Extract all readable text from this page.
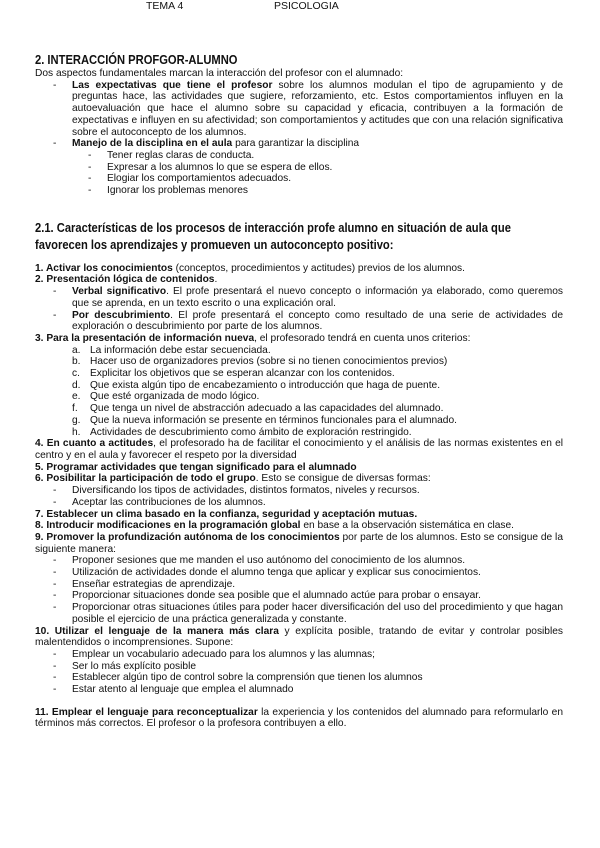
TEMA 4	PSICOLOGIA
2. INTERACCIÓN PROFGOR-ALUMNO

Dos aspectos fundamentales marcan la interacción del profesor con el alumnado:

- Las expectativas que tiene el profesor sobre los alumnos modulan el tipo de agrupamiento y de preguntas hace, las actividades que sugiere, reforzamiento, etc. Estos comportamientos influyen en la autoevaluación que hace el alumno sobre su capacidad y eficacia, contribuyen a la formación de expectativas e influyen en su afectividad; son comportamientos y actitudes que con una relación significativa sobre el autoconcepto de los alumnos.
- Manejo de la disciplina en el aula para garantizar la disciplina
- Tener reglas claras de conducta.
- Expresar a los alumnos lo que se espera de ellos.
- Elogiar los comportamientos adecuados.
- Ignorar los problemas menores
2.1. Características de los procesos de interacción profe alumno en situación de aula que favorecen los aprendizajes y promueven un autoconcepto positivo:

1. Activar los conocimientos (conceptos, procedimientos y actitudes) previos de los alumnos.

2. Presentación lógica de contenidos.

- Verbal significativo. El profe presentará el nuevo concepto o información ya elaborado, como queremos que se aprenda, en un texto escrito o una explicación oral.
- Por descubrimiento. El profe presentará el concepto como resultado de una serie de actividades de exploración o descubrimiento por parte de los alumnos.

3. Para la presentación de información nueva, el profesorado tendrá en cuenta unos criterios:

a. La información debe estar secuenciada.
b. Hacer uso de organizadores previos (sobre si no tienen conocimientos previos)
c. Explicitar los objetivos que se esperan alcanzar con los contenidos.
d. Que exista algún tipo de encabezamiento o introducción que haga de puente.
e. Que esté organizada de modo lógico.
f. Que tenga un nivel de abstracción adecuado a las capacidades del alumnado.
g. Que la nueva información se presente en términos funcionales para el alumnado.
h. Actividades de descubrimiento como ámbito de exploración restringido.

4. En cuanto a actitudes, el profesorado ha de facilitar el conocimiento y el análisis de las normas existentes en el centro y en el aula y favorecer el respeto por la diversidad

5. Programar actividades que tengan significado para el alumnado

6. Posibilitar la participación de todo el grupo. Esto se consigue de diversas formas:

- Diversificando los tipos de actividades, distintos formatos, niveles y recursos.
- Aceptar las contribuciones de los alumnos.

7. Establecer un clima basado en la confianza, seguridad y aceptación mutuas.

8. Introducir modificaciones en la programación global en base a la observación sistemática en clase.

9. Promover la profundización autónoma de los conocimientos por parte de los alumnos. Esto se consigue de la siguiente manera:

- Proponer sesiones que me manden el uso autónomo del conocimiento de los alumnos.
- Utilización de actividades donde el alumno tenga que aplicar y explicar sus conocimientos.
- Enseñar estrategias de aprendizaje.
- Proporcionar situaciones donde sea posible que el alumnado actúe para probar o ensayar.
- Proporcionar otras situaciones útiles para poder hacer diversificación del uso del procedimiento y que hagan posible el ejercicio de una práctica generalizada y constante.

10. Utilizar el lenguaje de la manera más clara y explícita posible, tratando de evitar y controlar posibles malentendidos o incomprensiones. Supone:

- Emplear un vocabulario adecuado para los alumnos y las alumnas;
- Ser lo más explícito posible
- Establecer algún tipo de control sobre la comprensión que tienen los alumnos
- Estar atento al lenguaje que emplea el alumnado

11. Emplear el lenguaje para reconceptualizar la experiencia y los contenidos del alumnado para reformularlo en términos más correctos. El profesor o la profesora contribuyen a ello.
